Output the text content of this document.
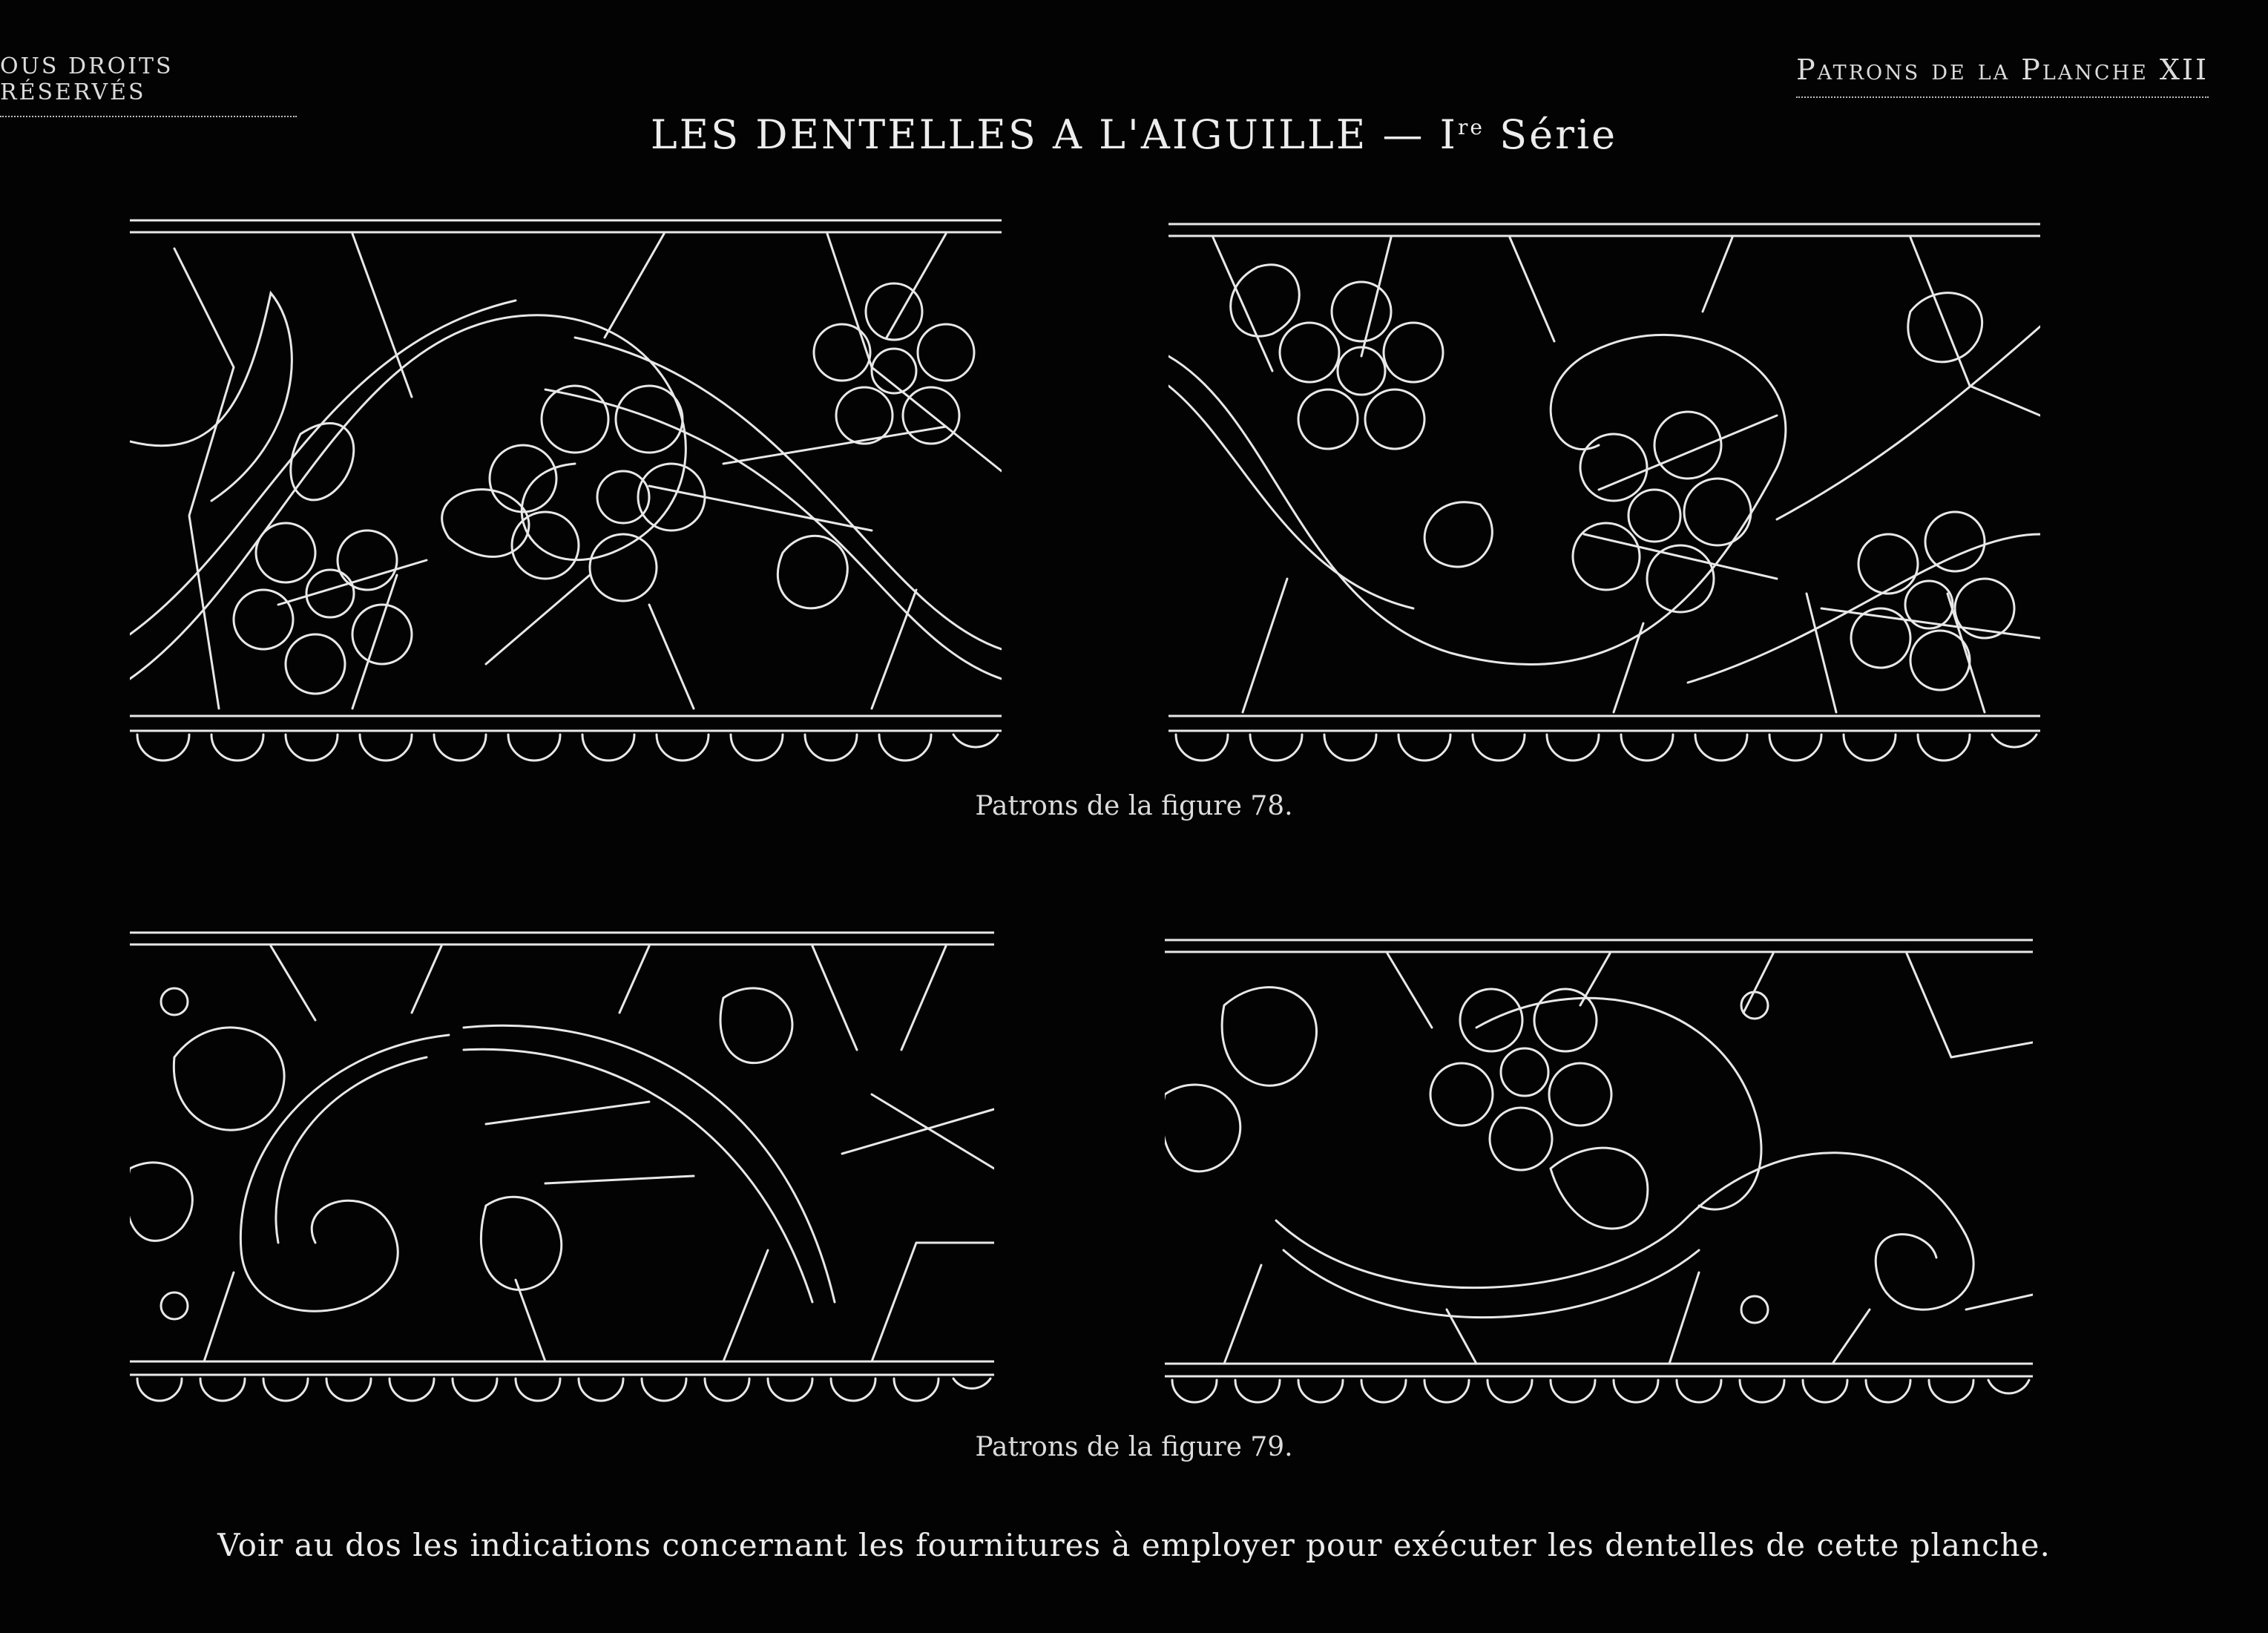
OUS DROITS RÉSERVÉS
Patrons de la Planche XII
LES DENTELLES A L'AIGUILLE — Ire Série
Patrons de la figure 78.
Patrons de la figure 79.
Voir au dos les indications concernant les fournitures à employer pour exécuter les dentelles de cette planche.
